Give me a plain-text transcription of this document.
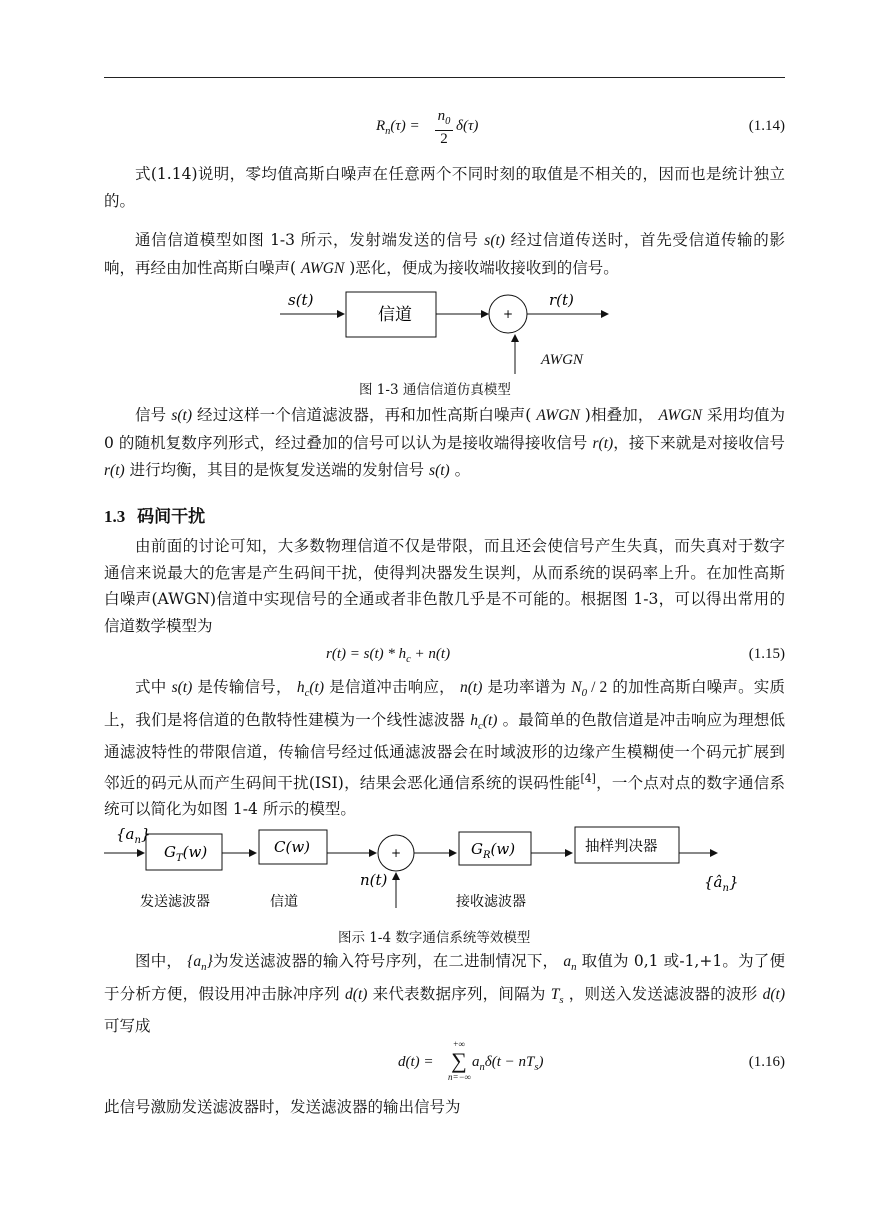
$R_n(\tau)$ =
$n_0$
2
δ(τ)	(1.14)

式(1.14)说明，零均值高斯白噪声在任意两个不同时刻的取值是不相关的，因而也是统计独立的。

通信信道模型如图 1-3 所示，发射端发送的信号 s(t) 经过信道传送时，首先受信道传输的影响，再经由加性高斯白噪声( AWGN )恶化，便成为接收端收接收到的信号。

s(t)
信道	+
r(t)
AWGN
图 1-3 通信信道仿真模型

信号 s(t) 经过这样一个信道滤波器，再和加性高斯白噪声( AWGN )相叠加， AWGN 采用均值为 0 的随机复数序列形式，经过叠加的信号可以认为是接收端得接收信号 r(t)，接下来就是对接收信号 r(t) 进行均衡，其目的是恢复发送端的发射信号 s(t) 。

1.3 码间干扰

由前面的讨论可知，大多数物理信道不仅是带限，而且还会使信号产生失真，而失真对于数字通信来说最大的危害是产生码间干扰，使得判决器发生误判，从而系统的误码率上升。在加性高斯白噪声(AWGN)信道中实现信号的全通或者非色散几乎是不可能的。根据图 1-3，可以得出常用的信道数学模型为

$r(t) = s(t) * h_c + n(t)$	(1.15)

式中 s(t) 是传输信号， $h_c(t)$ 是信道冲击响应， n(t) 是功率谱为 $N_0 / 2$ 的加性高斯白噪声。实质上，我们是将信道的色散特性建模为一个线性滤波器 $h_c(t)$ 。最简单的色散信道是冲击响应为理想低通滤波特性的带限信道，传输信号经过低通滤波器会在时域波形的边缘产生模糊使一个码元扩展到邻近的码元从而产生码间干扰(ISI)，结果会恶化通信系统的误码性能[4]，一个点对点的数字通信系统可以简化为如图 1-4 所示的模型。

$\{a_n\}$
$G_T(w)$	C(w)	+	$G_R(w)$	抽样判决器
n(t)	$\{â_n\}$
发送滤波器	信道	接收滤波器
图示 1-4 数字通信系统等效模型

图中， $\{a_n\}$为发送滤波器的输入符号序列，在二进制情况下， $a_n$ 取值为 0,1 或-1,+1。为了便于分析方便，假设用冲击脉冲序列 d(t) 来代表数据序列，间隔为 $T_s$ ，则送入发送滤波器的波形 d(t) 可写成

d(t) =
+∞
∑
n=−∞
$a_n\delta(t - nT_s)$	(1.16)

此信号激励发送滤波器时，发送滤波器的输出信号为
